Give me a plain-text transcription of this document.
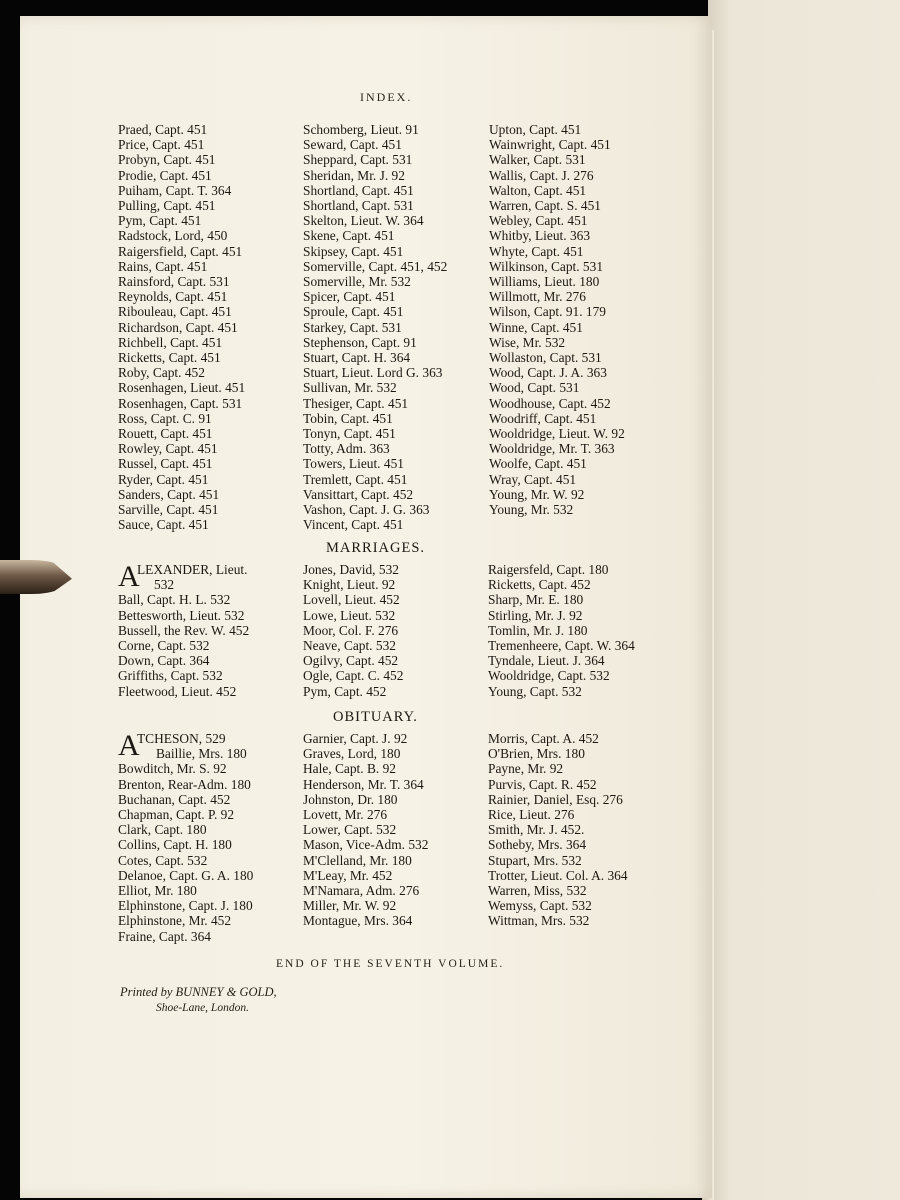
INDEX.
Praed, Capt. 451
Price, Capt. 451
Probyn, Capt. 451
Prodie, Capt. 451
Puiham, Capt. T. 364
Pulling, Capt. 451
Pym, Capt. 451
Radstock, Lord, 450
Raigersfield, Capt. 451
Rains, Capt. 451
Rainsford, Capt. 531
Reynolds, Capt. 451
Ribouleau, Capt. 451
Richardson, Capt. 451
Richbell, Capt. 451
Ricketts, Capt. 451
Roby, Capt. 452
Rosenhagen, Lieut. 451
Rosenhagen, Capt. 531
Ross, Capt. C. 91
Rouett, Capt. 451
Rowley, Capt. 451
Russel, Capt. 451
Ryder, Capt. 451
Sanders, Capt. 451
Sarville, Capt. 451
Sauce, Capt. 451
Schomberg, Lieut. 91
Seward, Capt. 451
Sheppard, Capt. 531
Sheridan, Mr. J. 92
Shortland, Capt. 451
Shortland, Capt. 531
Skelton, Lieut. W. 364
Skene, Capt. 451
Skipsey, Capt. 451
Somerville, Capt. 451, 452
Somerville, Mr. 532
Spicer, Capt. 451
Sproule, Capt. 451
Starkey, Capt. 531
Stephenson, Capt. 91
Stuart, Capt. H. 364
Stuart, Lieut. Lord G. 363
Sullivan, Mr. 532
Thesiger, Capt. 451
Tobin, Capt. 451
Tonyn, Capt. 451
Totty, Adm. 363
Towers, Lieut. 451
Tremlett, Capt. 451
Vansittart, Capt. 452
Vashon, Capt. J. G. 363
Vincent, Capt. 451
Upton, Capt. 451
Wainwright, Capt. 451
Walker, Capt. 531
Wallis, Capt. J. 276
Walton, Capt. 451
Warren, Capt. S. 451
Webley, Capt. 451
Whitby, Lieut. 363
Whyte, Capt. 451
Wilkinson, Capt. 531
Williams, Lieut. 180
Willmott, Mr. 276
Wilson, Capt. 91. 179
Winne, Capt. 451
Wise, Mr. 532
Wollaston, Capt. 531
Wood, Capt. J. A. 363
Wood, Capt. 531
Woodhouse, Capt. 452
Woodriff, Capt. 451
Wooldridge, Lieut. W. 92
Wooldridge, Mr. T. 363
Woolfe, Capt. 451
Wray, Capt. 451
Young, Mr. W. 92
Young, Mr. 532
MARRIAGES.
A
LEXANDER, Lieut.
532
Ball, Capt. H. L. 532
Bettesworth, Lieut. 532
Bussell, the Rev. W. 452
Corne, Capt. 532
Down, Capt. 364
Griffiths, Capt. 532
Fleetwood, Lieut. 452
Jones, David, 532
Knight, Lieut. 92
Lovell, Lieut. 452
Lowe, Lieut. 532
Moor, Col. F. 276
Neave, Capt. 532
Ogilvy, Capt. 452
Ogle, Capt. C. 452
Pym, Capt. 452
Raigersfeld, Capt. 180
Ricketts, Capt. 452
Sharp, Mr. E. 180
Stirling, Mr. J. 92
Tomlin, Mr. J. 180
Tremenheere, Capt. W. 364
Tyndale, Lieut. J. 364
Wooldridge, Capt. 532
Young, Capt. 532
OBITUARY.
A
TCHESON, 529
Baillie, Mrs. 180
Bowditch, Mr. S. 92
Brenton, Rear-Adm. 180
Buchanan, Capt. 452
Chapman, Capt. P. 92
Clark, Capt. 180
Collins, Capt. H. 180
Cotes, Capt. 532
Delanoe, Capt. G. A. 180
Elliot, Mr. 180
Elphinstone, Capt. J. 180
Elphinstone, Mr. 452
Fraine, Capt. 364
Garnier, Capt. J. 92
Graves, Lord, 180
Hale, Capt. B. 92
Henderson, Mr. T. 364
Johnston, Dr. 180
Lovett, Mr. 276
Lower, Capt. 532
Mason, Vice-Adm. 532
M'Clelland, Mr. 180
M'Leay, Mr. 452
M'Namara, Adm. 276
Miller, Mr. W. 92
Montague, Mrs. 364
Morris, Capt. A. 452
O'Brien, Mrs. 180
Payne, Mr. 92
Purvis, Capt. R. 452
Rainier, Daniel, Esq. 276
Rice, Lieut. 276
Smith, Mr. J. 452.
Sotheby, Mrs. 364
Stupart, Mrs. 532
Trotter, Lieut. Col. A. 364
Warren, Miss, 532
Wemyss, Capt. 532
Wittman, Mrs. 532
END OF THE SEVENTH VOLUME.
Printed by BUNNEY & GOLD,
Shoe-Lane, London.
